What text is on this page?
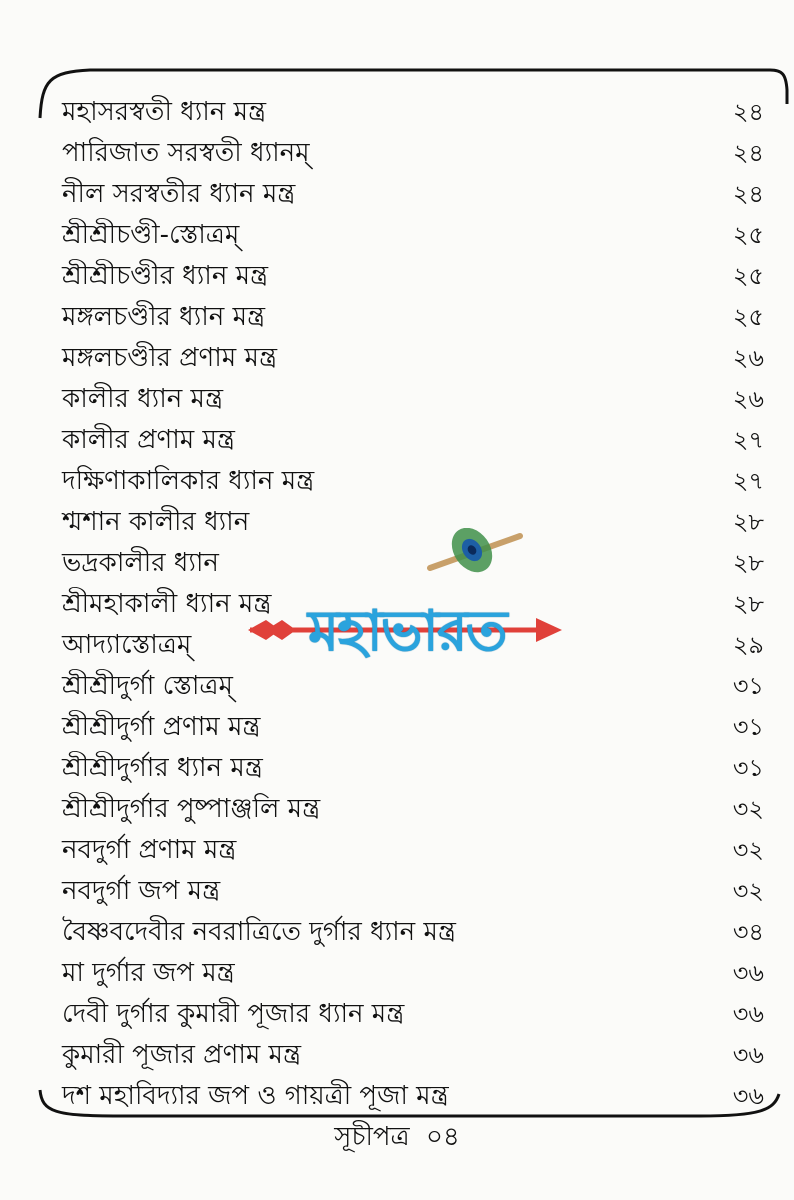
মহাসরস্বতী ধ্যান মন্ত্র	২৪
পারিজাত সরস্বতী ধ্যানম্	২৪
নীল সরস্বতীর ধ্যান মন্ত্র	২৪
শ্রীশ্রীচণ্ডী-স্তোত্রম্	২৫
শ্রীশ্রীচণ্ডীর ধ্যান মন্ত্র	২৫
মঙ্গলচণ্ডীর ধ্যান মন্ত্র	২৫
মঙ্গলচণ্ডীর প্রণাম মন্ত্র	২৬
কালীর ধ্যান মন্ত্র	২৬
কালীর প্রণাম মন্ত্র	২৭
দক্ষিণাকালিকার ধ্যান মন্ত্র	২৭
শ্মশান কালীর ধ্যান	২৮
ভদ্রকালীর ধ্যান	২৮
শ্রীমহাকালী ধ্যান মন্ত্র	২৮
আদ্যাস্তোত্রম্	২৯
শ্রীশ্রীদুর্গা স্তোত্রম্	৩১
শ্রীশ্রীদুর্গা প্রণাম মন্ত্র	৩১
শ্রীশ্রীদুর্গার ধ্যান মন্ত্র	৩১
শ্রীশ্রীদুর্গার পুষ্পাঞ্জলি মন্ত্র	৩২
নবদুর্গা প্রণাম মন্ত্র	৩২
নবদুর্গা জপ মন্ত্র	৩২
বৈষ্ণবদেবীর নবরাত্রিতে দুর্গার ধ্যান মন্ত্র	৩৪
মা দুর্গার জপ মন্ত্র	৩৬
দেবী দুর্গার কুমারী পূজার ধ্যান মন্ত্র	৩৬
কুমারী পূজার প্রণাম মন্ত্র	৩৬
দশ মহাবিদ্যার জপ ও গায়ত্রী পূজা মন্ত্র	৩৬
মহাভারত
সূচীপত্র ০৪
